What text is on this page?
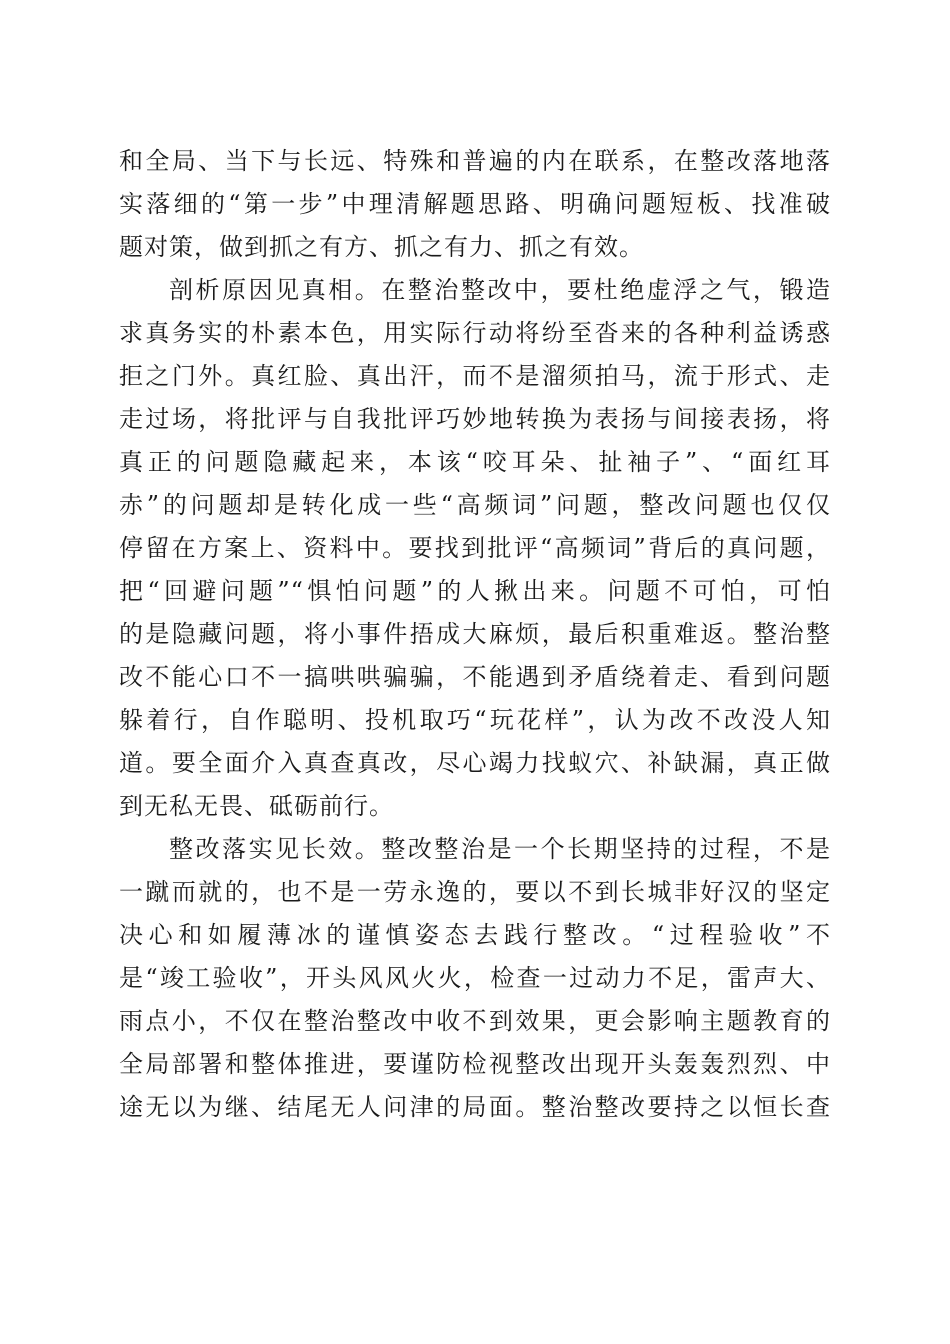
和全局、当下与长远、特殊和普遍的内在联系，在整改落地落
实落细的“第一步”中理清解题思路、明确问题短板、找准破
题对策，做到抓之有方、抓之有力、抓之有效。
剖析原因见真相。在整治整改中，要杜绝虚浮之气，锻造
求真务实的朴素本色，用实际行动将纷至沓来的各种利益诱惑
拒之门外。真红脸、真出汗，而不是溜须拍马，流于形式、走
走过场，将批评与自我批评巧妙地转换为表扬与间接表扬，将
真正的问题隐藏起来，本该“咬耳朵、扯袖子”、“面红耳
赤”的问题却是转化成一些“高频词”问题，整改问题也仅仅
停留在方案上、资料中。要找到批评“高频词”背后的真问题，
把“回避问题”“惧怕问题”的人揪出来。问题不可怕，可怕
的是隐藏问题，将小事件捂成大麻烦，最后积重难返。整治整
改不能心口不一搞哄哄骗骗，不能遇到矛盾绕着走、看到问题
躲着行，自作聪明、投机取巧“玩花样”，认为改不改没人知
道。要全面介入真查真改，尽心竭力找蚁穴、补缺漏，真正做
到无私无畏、砥砺前行。
整改落实见长效。整改整治是一个长期坚持的过程，不是
一蹴而就的，也不是一劳永逸的，要以不到长城非好汉的坚定
决心和如履薄冰的谨慎姿态去践行整改。“过程验收”不
是“竣工验收”，开头风风火火，检查一过动力不足，雷声大、
雨点小，不仅在整治整改中收不到效果，更会影响主题教育的
全局部署和整体推进，要谨防检视整改出现开头轰轰烈烈、中
途无以为继、结尾无人问津的局面。整治整改要持之以恒长查
